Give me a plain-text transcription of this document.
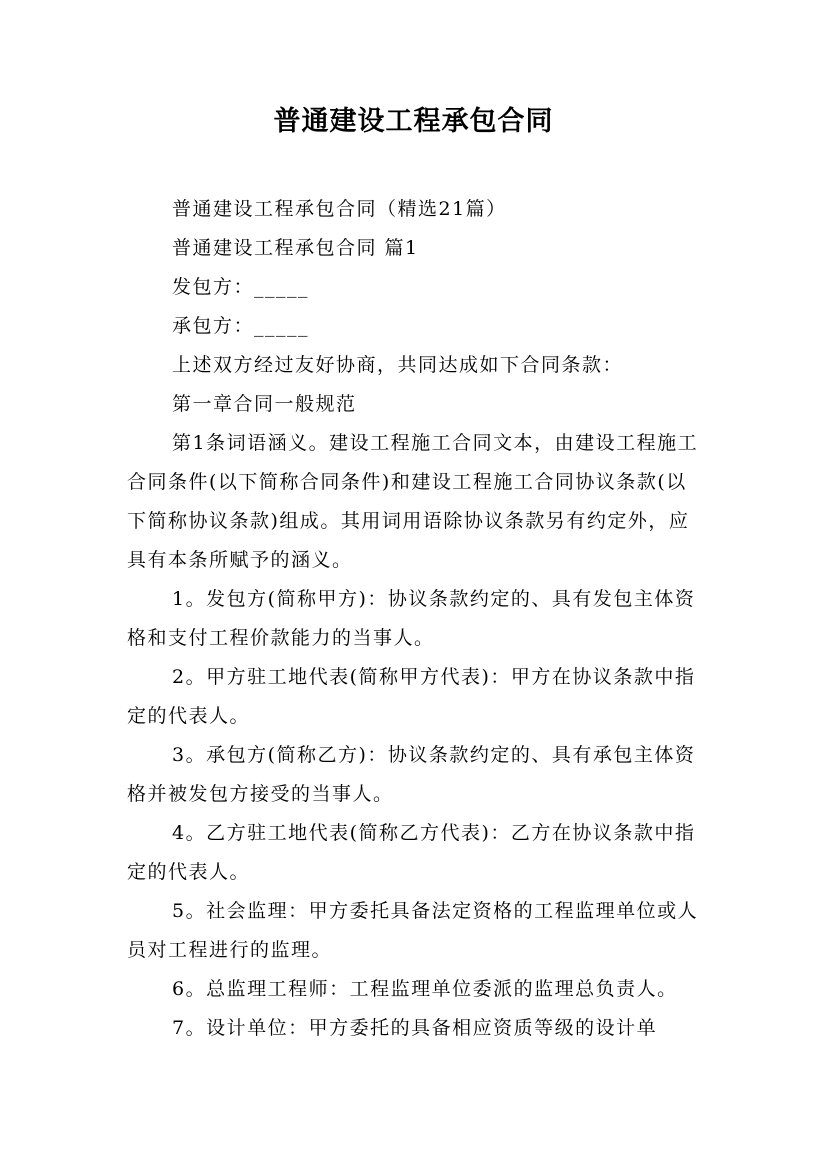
普通建设工程承包合同

普通建设工程承包合同（精选21篇）

普通建设工程承包合同 篇1

发包方：_____

承包方：_____

上述双方经过友好协商，共同达成如下合同条款：

第一章合同一般规范

第1条词语涵义。建设工程施工合同文本，由建设工程施工合同条件(以下简称合同条件)和建设工程施工合同协议条款(以下简称协议条款)组成。其用词用语除协议条款另有约定外，应具有本条所赋予的涵义。

1。发包方(简称甲方)：协议条款约定的、具有发包主体资格和支付工程价款能力的当事人。

2。甲方驻工地代表(简称甲方代表)：甲方在协议条款中指定的代表人。

3。承包方(简称乙方)：协议条款约定的、具有承包主体资格并被发包方接受的当事人。

4。乙方驻工地代表(简称乙方代表)：乙方在协议条款中指定的代表人。

5。社会监理：甲方委托具备法定资格的工程监理单位或人员对工程进行的监理。

6。总监理工程师：工程监理单位委派的监理总负责人。

7。设计单位：甲方委托的具备相应资质等级的设计单
